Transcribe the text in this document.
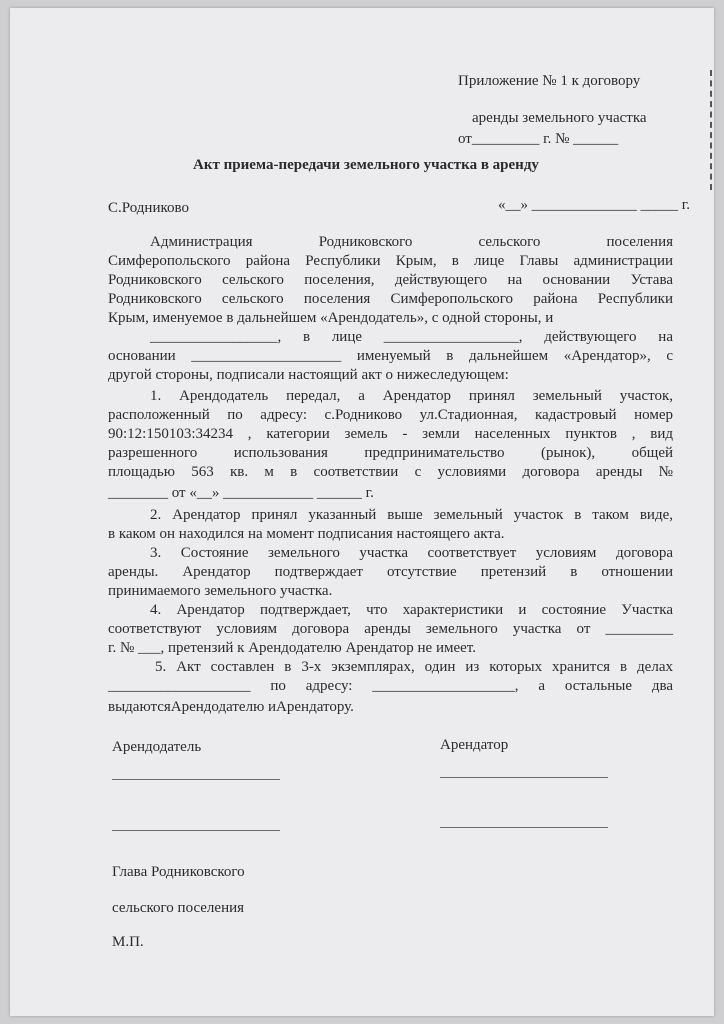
Приложение № 1 к договору
аренды земельного участка
от_________ г. № ______
Акт приема-передачи земельного участка в аренду
С.Родниково	«__» ______________ _____ г.
Администрация Родниковского сельского поселения
Симферопольского района Республики Крым, в лице Главы администрации
Родниковского сельского поселения, действующего на основании Устава
Родниковского сельского поселения Симферопольского района Республики
Крым, именуемое в дальнейшем «Арендодатель», с одной стороны, и
_________________, в лице __________________, действующего на
основании ____________________ именуемый в дальнейшем «Арендатор», с
другой стороны, подписали настоящий акт о нижеследующем:
1. Арендодатель передал, а Арендатор принял земельный участок,
расположенный по адресу: с.Родниково ул.Стадионная, кадастровый номер
90:12:150103:34234 , категории земель - земли населенных пунктов , вид
разрешенного использования предпринимательство (рынок), общей
площадью 563 кв. м в соответствии с условиями договора аренды №
________ от «__» ____________ ______ г.
2. Арендатор принял указанный выше земельный участок в таком виде,
в каком он находился на момент подписания настоящего акта.
3. Состояние земельного участка соответствует условиям договора
аренды. Арендатор подтверждает отсутствие претензий в отношении
принимаемого земельного участка.
4. Арендатор подтверждает, что характеристики и состояние Участка
соответствуют условиям договора аренды земельного участка от _________
г. № ___, претензий к Арендодателю Арендатор не имеет.
5. Акт составлен в 3-х экземплярах, один из которых хранится в делах
___________________ по адресу: ___________________, а остальные два
выдаютсяАрендодателю иАрендатору.
Арендодатель	Арендатор
Глава Родниковского
сельского поселения
М.П.
